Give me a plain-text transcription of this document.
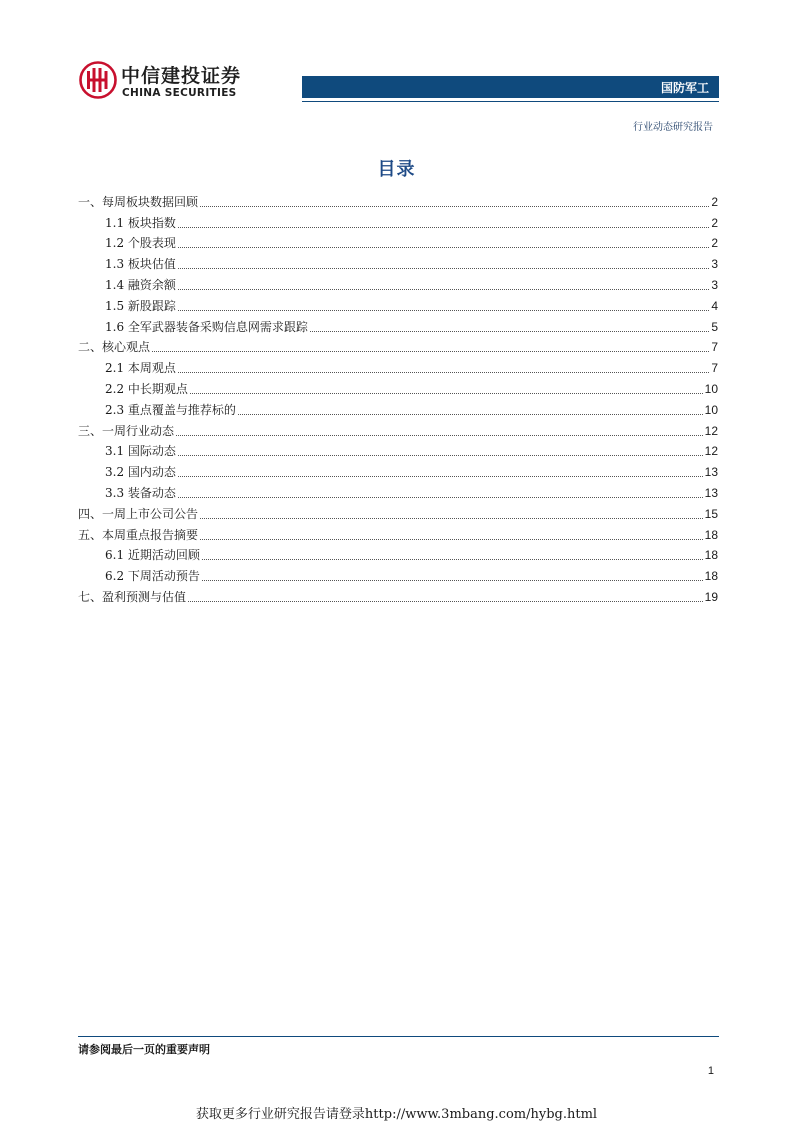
中信建投证券
CHINA SECURITIES	国防军工
行业动态研究报告
目录
一、每周板块数据回顾	2
1.1 板块指数	2
1.2 个股表现	2
1.3 板块估值	3
1.4 融资余额	3
1.5 新股跟踪	4
1.6 全军武器装备采购信息网需求跟踪	5
二、核心观点	7
2.1 本周观点	7
2.2 中长期观点	10
2.3 重点覆盖与推荐标的	10
三、一周行业动态	12
3.1 国际动态	12
3.2 国内动态	13
3.3 装备动态	13
四、一周上市公司公告	15
五、本周重点报告摘要	18
6.1 近期活动回顾	18
6.2 下周活动预告	18
七、盈利预测与估值	19
请参阅最后一页的重要声明
1
获取更多行业研究报告请登录http://www.3mbang.com/hybg.html
